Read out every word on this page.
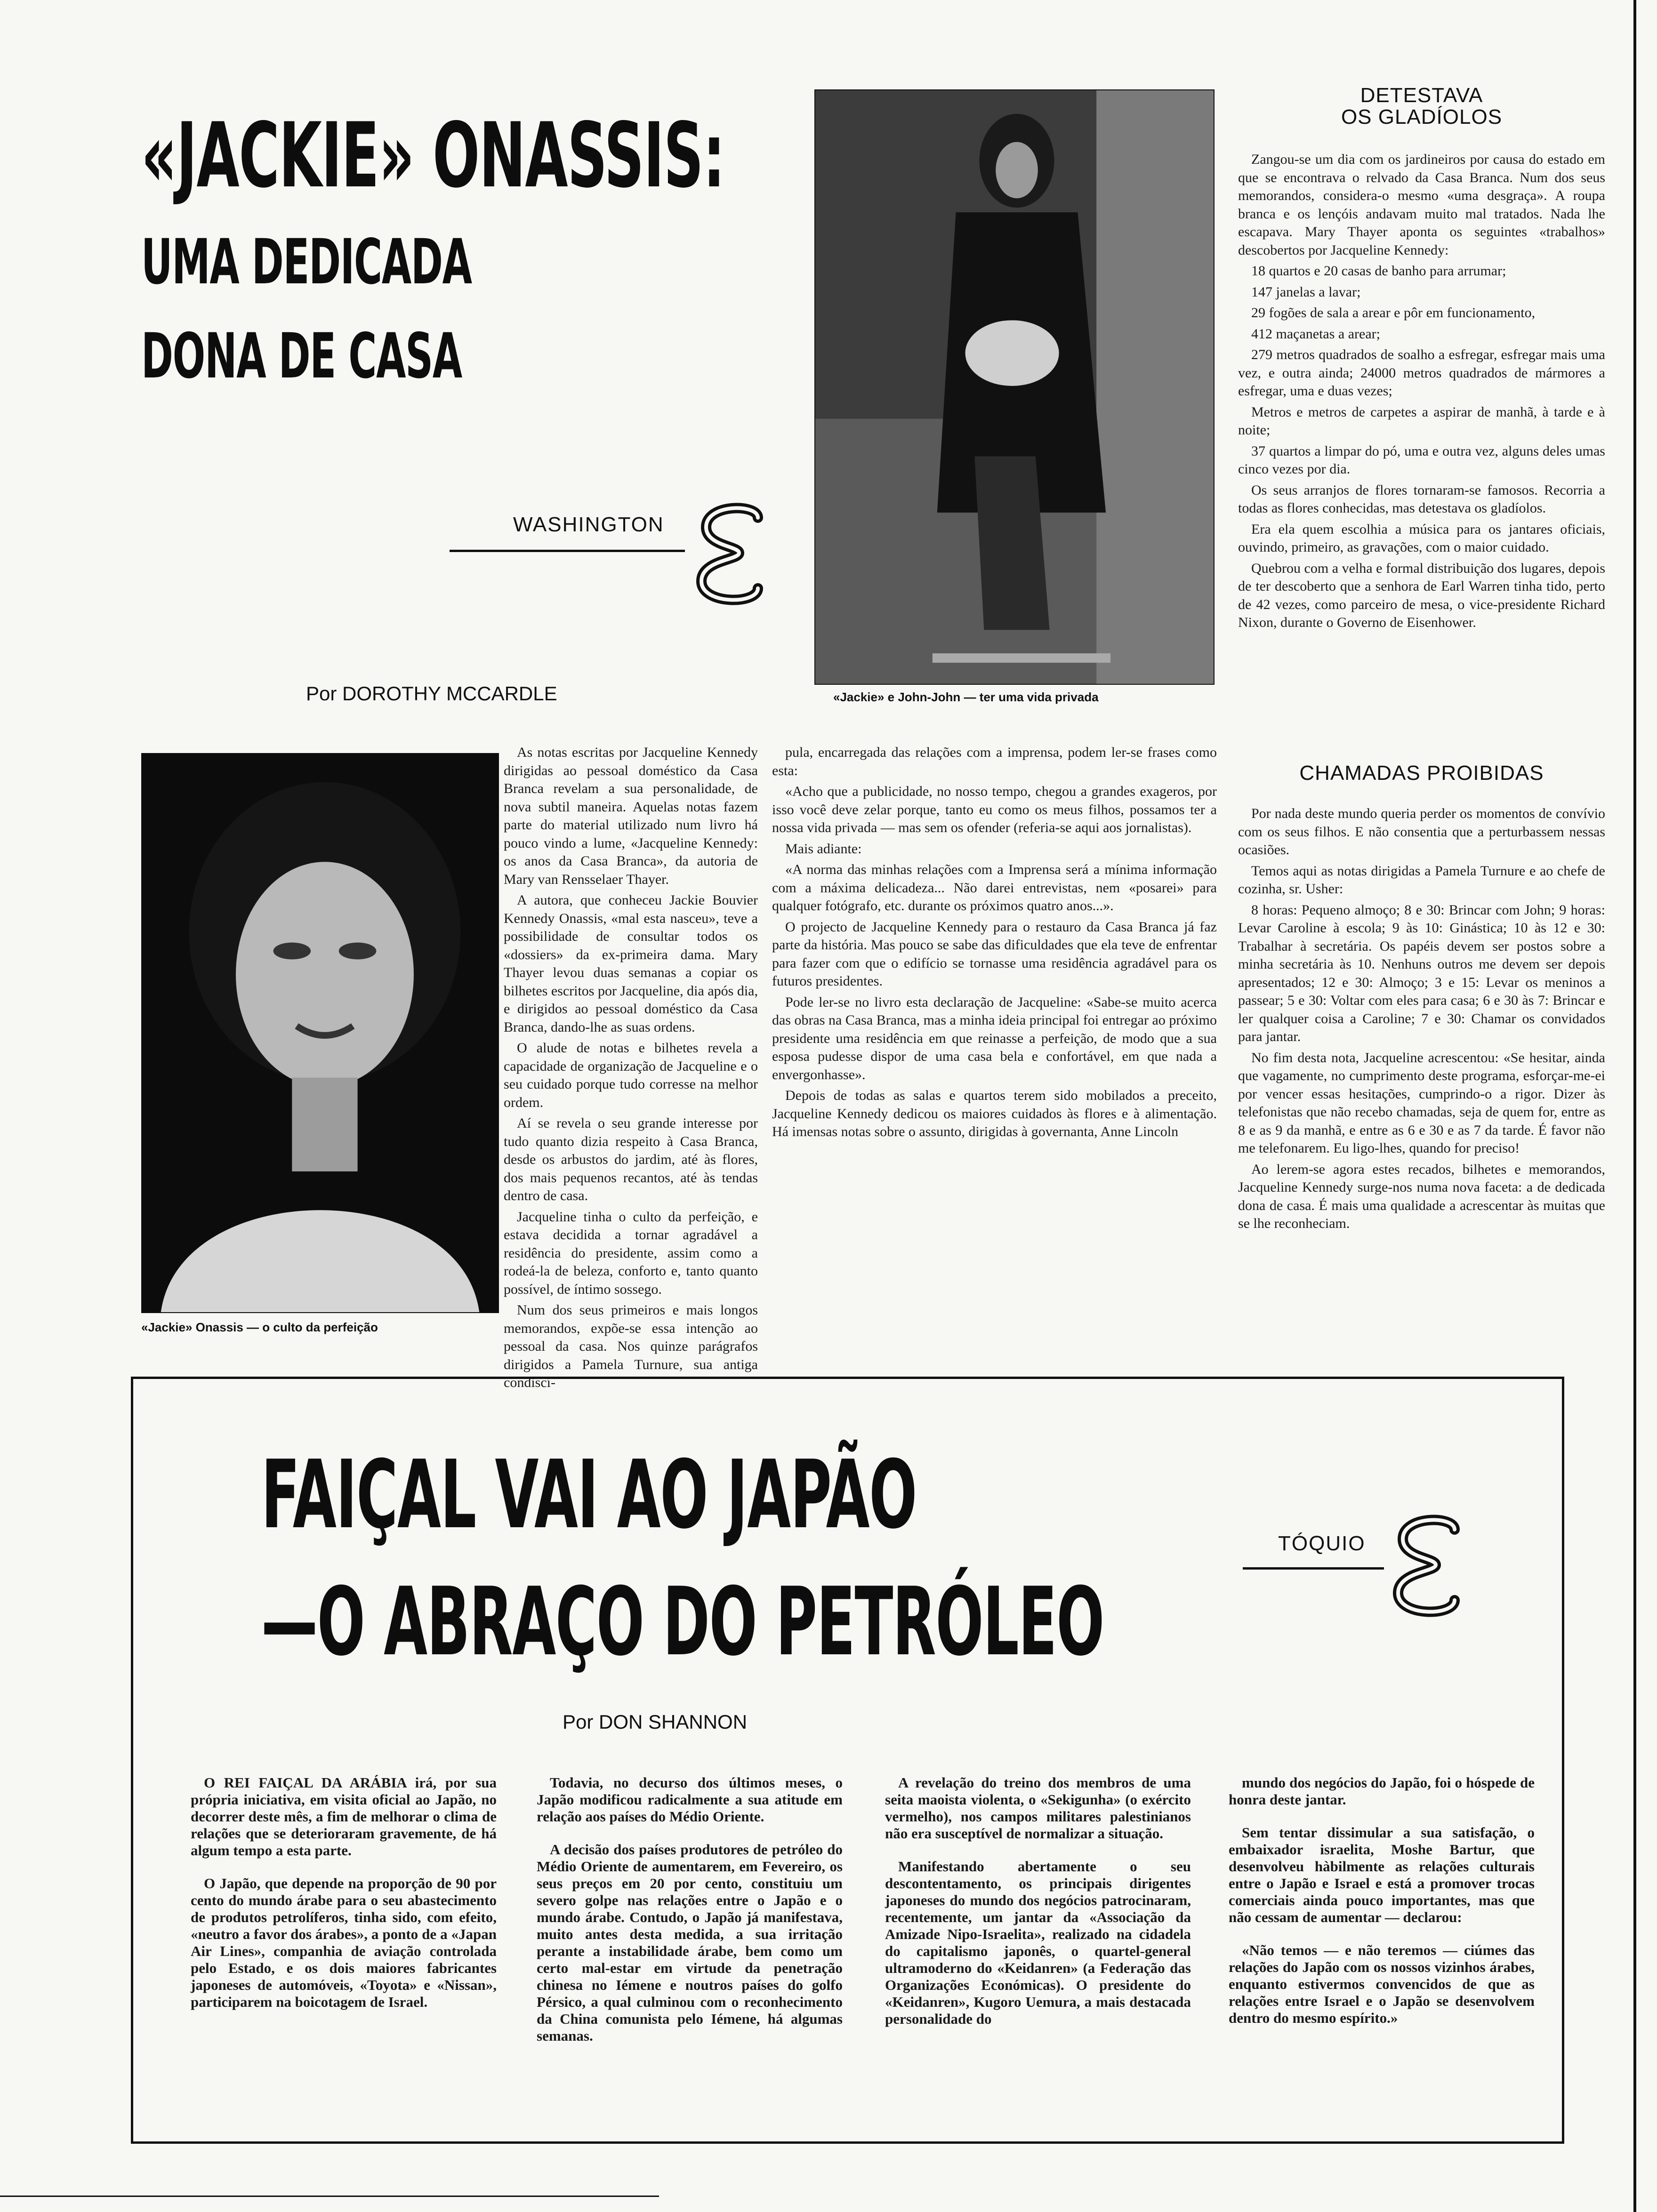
«JACKIE» ONASSIS:
UMA DEDICADA
DONA DE CASA
WASHINGTON
Por DOROTHY MCCARDLE	«Jackie» e John-John — ter uma vida privada
«Jackie» Onassis — o culto da perfeição

As notas escritas por Jacqueline Kennedy dirigidas ao pessoal doméstico da Casa Branca revelam a sua personalidade, de nova subtil maneira. Aquelas notas fazem parte do material utilizado num livro há pouco vindo a lume, «Jacqueline Kennedy: os anos da Casa Branca», da autoria de Mary van Rensselaer Thayer.

A autora, que conheceu Jackie Bouvier Kennedy Onassis, «mal esta nasceu», teve a possibilidade de consultar todos os «dossiers» da ex-primeira dama. Mary Thayer levou duas semanas a copiar os bilhetes escritos por Jacqueline, dia após dia, e dirigidos ao pessoal doméstico da Casa Branca, dando-lhe as suas ordens.

O alude de notas e bilhetes revela a capacidade de organização de Jacqueline e o seu cuidado porque tudo corresse na melhor ordem.

Aí se revela o seu grande interesse por tudo quanto dizia respeito à Casa Branca, desde os arbustos do jardim, até às flores, dos mais pequenos recantos, até às tendas dentro de casa.

Jacqueline tinha o culto da perfeição, e estava decidida a tornar agradável a residência do presidente, assim como a rodeá-la de beleza, conforto e, tanto quanto possível, de íntimo sossego.

Num dos seus primeiros e mais longos memorandos, expõe-se essa intenção ao pessoal da casa. Nos quinze parágrafos dirigidos a Pamela Turnure, sua antiga condiscí-

pula, encarregada das relações com a imprensa, podem ler-se frases como esta:

«Acho que a publicidade, no nosso tempo, chegou a grandes exageros, por isso você deve zelar porque, tanto eu como os meus filhos, possamos ter a nossa vida privada — mas sem os ofender (referia-se aqui aos jornalistas).

Mais adiante:

«A norma das minhas relações com a Imprensa será a mínima informação com a máxima delicadeza... Não darei entrevistas, nem «posarei» para qualquer fotógrafo, etc. durante os próximos quatro anos...».

O projecto de Jacqueline Kennedy para o restauro da Casa Branca já faz parte da história. Mas pouco se sabe das dificuldades que ela teve de enfrentar para fazer com que o edifício se tornasse uma residência agradável para os futuros presidentes.

Pode ler-se no livro esta declaração de Jacqueline: «Sabe-se muito acerca das obras na Casa Branca, mas a minha ideia principal foi entregar ao próximo presidente uma residência em que reinasse a perfeição, de modo que a sua esposa pudesse dispor de uma casa bela e confortável, em que nada a envergonhasse».

Depois de todas as salas e quartos terem sido mobilados a preceito, Jacqueline Kennedy dedicou os maiores cuidados às flores e à alimentação. Há imensas notas sobre o assunto, dirigidas à governanta, Anne Lincoln

DETESTAVA
OS GLADÍOLOS

Zangou-se um dia com os jardineiros por causa do estado em que se encontrava o relvado da Casa Branca. Num dos seus memorandos, considera-o mesmo «uma desgraça». A roupa branca e os lençóis andavam muito mal tratados. Nada lhe escapava. Mary Thayer aponta os seguintes «trabalhos» descobertos por Jacqueline Kennedy:

18 quartos e 20 casas de banho para arrumar;

147 janelas a lavar;

29 fogões de sala a arear e pôr em funcionamento,

412 maçanetas a arear;

279 metros quadrados de soalho a esfregar, esfregar mais uma vez, e outra ainda; 24000 metros quadrados de mármores a esfregar, uma e duas vezes;

Metros e metros de carpetes a aspirar de manhã, à tarde e à noite;

37 quartos a limpar do pó, uma e outra vez, alguns deles umas cinco vezes por dia.

Os seus arranjos de flores tornaram-se famosos. Recorria a todas as flores conhecidas, mas detestava os gladíolos.

Era ela quem escolhia a música para os jantares oficiais, ouvindo, primeiro, as gravações, com o maior cuidado.

Quebrou com a velha e formal distribuição dos lugares, depois de ter descoberto que a senhora de Earl Warren tinha tido, perto de 42 vezes, como parceiro de mesa, o vice-presidente Richard Nixon, durante o Governo de Eisenhower.

CHAMADAS PROIBIDAS

Por nada deste mundo queria perder os momentos de convívio com os seus filhos. E não consentia que a perturbassem nessas ocasiões.

Temos aqui as notas dirigidas a Pamela Turnure e ao chefe de cozinha, sr. Usher:

8 horas: Pequeno almoço; 8 e 30: Brincar com John; 9 horas: Levar Caroline à escola; 9 às 10: Ginástica; 10 às 12 e 30: Trabalhar à secretária. Os papéis devem ser postos sobre a minha secretária às 10. Nenhuns outros me devem ser depois apresentados; 12 e 30: Almoço; 3 e 15: Levar os meninos a passear; 5 e 30: Voltar com eles para casa; 6 e 30 às 7: Brincar e ler qualquer coisa a Caroline; 7 e 30: Chamar os convidados para jantar.

No fim desta nota, Jacqueline acrescentou: «Se hesitar, ainda que vagamente, no cumprimento deste programa, esforçar-me-ei por vencer essas hesitações, cumprindo-o a rigor. Dizer às telefonistas que não recebo chamadas, seja de quem for, entre as 8 e as 9 da manhã, e entre as 6 e 30 e as 7 da tarde. É favor não me telefonarem. Eu ligo-lhes, quando for preciso!

Ao lerem-se agora estes recados, bilhetes e memorandos, Jacqueline Kennedy surge-nos numa nova faceta: a de dedicada dona de casa. É mais uma qualidade a acrescentar às muitas que se lhe reconheciam.

FAIÇAL VAI AO JAPÃO
—O ABRAÇO DO PETRÓLEO
TÓQUIO
Por DON SHANNON

O REI FAIÇAL DA ARÁBIA irá, por sua própria iniciativa, em visita oficial ao Japão, no decorrer deste mês, a fim de melhorar o clima de relações que se deterioraram gravemente, de há algum tempo a esta parte.

O Japão, que depende na proporção de 90 por cento do mundo árabe para o seu abastecimento de produtos petrolíferos, tinha sido, com efeito, «neutro a favor dos árabes», a ponto de a «Japan Air Lines», companhia de aviação controlada pelo Estado, e os dois maiores fabricantes japoneses de automóveis, «Toyota» e «Nissan», participarem na boicotagem de Israel.

Todavia, no decurso dos últimos meses, o Japão modificou radicalmente a sua atitude em relação aos países do Médio Oriente.

A decisão dos países produtores de petróleo do Médio Oriente de aumentarem, em Fevereiro, os seus preços em 20 por cento, constituiu um severo golpe nas relações entre o Japão e o mundo árabe. Contudo, o Japão já manifestava, muito antes desta medida, a sua irritação perante a instabilidade árabe, bem como um certo mal-estar em virtude da penetração chinesa no Iémene e noutros países do golfo Pérsico, a qual culminou com o reconhecimento da China comunista pelo Iémene, há algumas semanas.

A revelação do treino dos membros de uma seita maoista violenta, o «Sekigunha» (o exército vermelho), nos campos militares palestinianos não era susceptível de normalizar a situação.

Manifestando abertamente o seu descontentamento, os principais dirigentes japoneses do mundo dos negócios patrocinaram, recentemente, um jantar da «Associação da Amizade Nipo-Israelita», realizado na cidadela do capitalismo japonês, o quartel-general ultramoderno do «Keidanren» (a Federação das Organizações Económicas). O presidente do «Keidanren», Kugoro Uemura, a mais destacada personalidade do

mundo dos negócios do Japão, foi o hóspede de honra deste jantar.

Sem tentar dissimular a sua satisfação, o embaixador israelita, Moshe Bartur, que desenvolveu hàbilmente as relações culturais entre o Japão e Israel e está a promover trocas comerciais ainda pouco importantes, mas que não cessam de aumentar — declarou:

«Não temos — e não teremos — ciúmes das relações do Japão com os nossos vizinhos árabes, enquanto estivermos convencidos de que as relações entre Israel e o Japão se desenvolvem dentro do mesmo espírito.»
